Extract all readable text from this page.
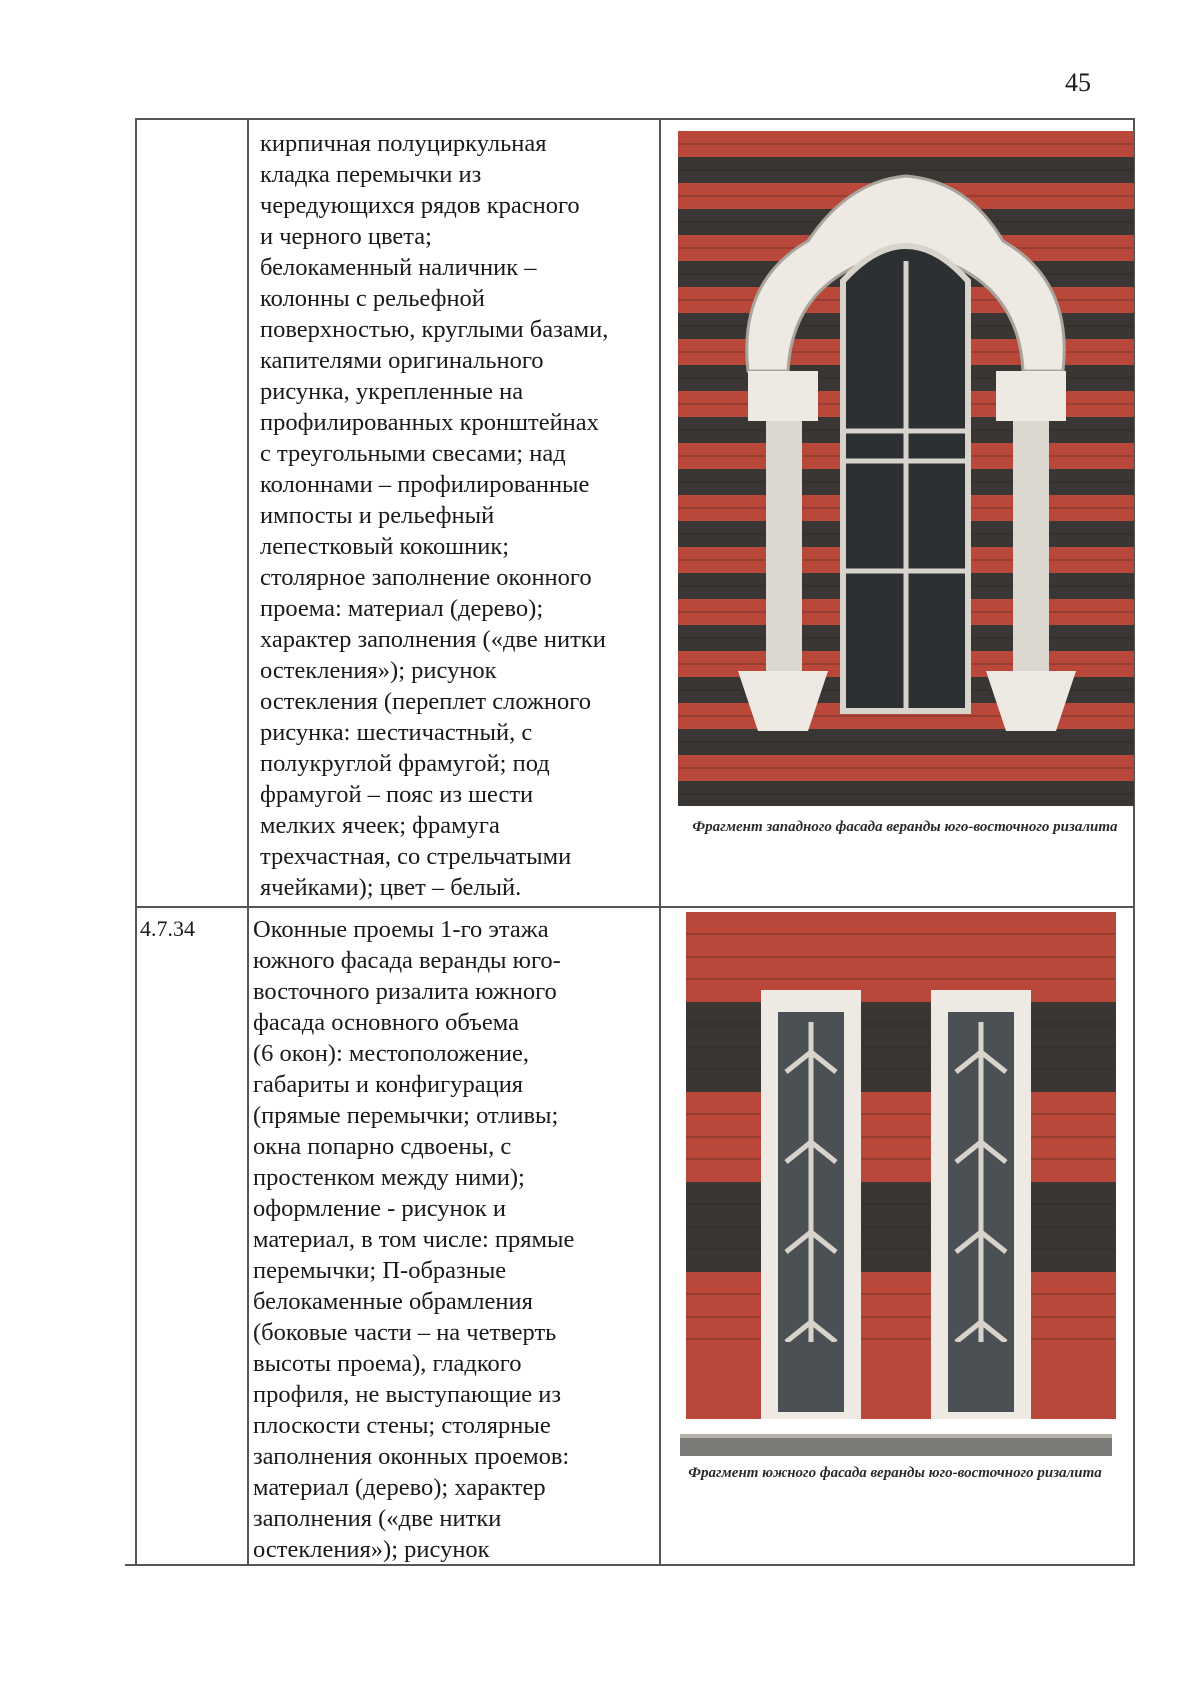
45
кирпичная полуциркульная
кладка перемычки из
чередующихся рядов красного
и черного цвета;
белокаменный наличник –
колонны с рельефной
поверхностью, круглыми базами,
капителями оригинального
рисунка, укрепленные на
профилированных кронштейнах
с треугольными свесами; над
колоннами – профилированные
импосты и рельефный
лепестковый кокошник;
столярное заполнение оконного
проема: материал (дерево);
характер заполнения («две нитки
остекления»); рисунок
остекления (переплет сложного
рисунка: шестичастный, с
полукруглой фрамугой; под
фрамугой – пояс из шести
мелких ячеек; фрамуга
трехчастная, со стрельчатыми
ячейками); цвет – белый.
Фрагмент западного фасада веранды юго-восточного ризалита
4.7.34 Оконные проемы 1-го этажа
южного фасада веранды юго-
восточного ризалита южного
фасада основного объема
(6 окон): местоположение,
габариты и конфигурация
(прямые перемычки; отливы;
окна попарно сдвоены, с
простенком между ними);
оформление - рисунок и
материал, в том числе: прямые
перемычки; П-образные
белокаменные обрамления
(боковые части – на четверть
высоты проема), гладкого
профиля, не выступающие из
плоскости стены; столярные
заполнения оконных проемов:
материал (дерево); характер
заполнения («две нитки
остекления»); рисунок
Фрагмент южного фасада веранды юго-восточного ризалита
